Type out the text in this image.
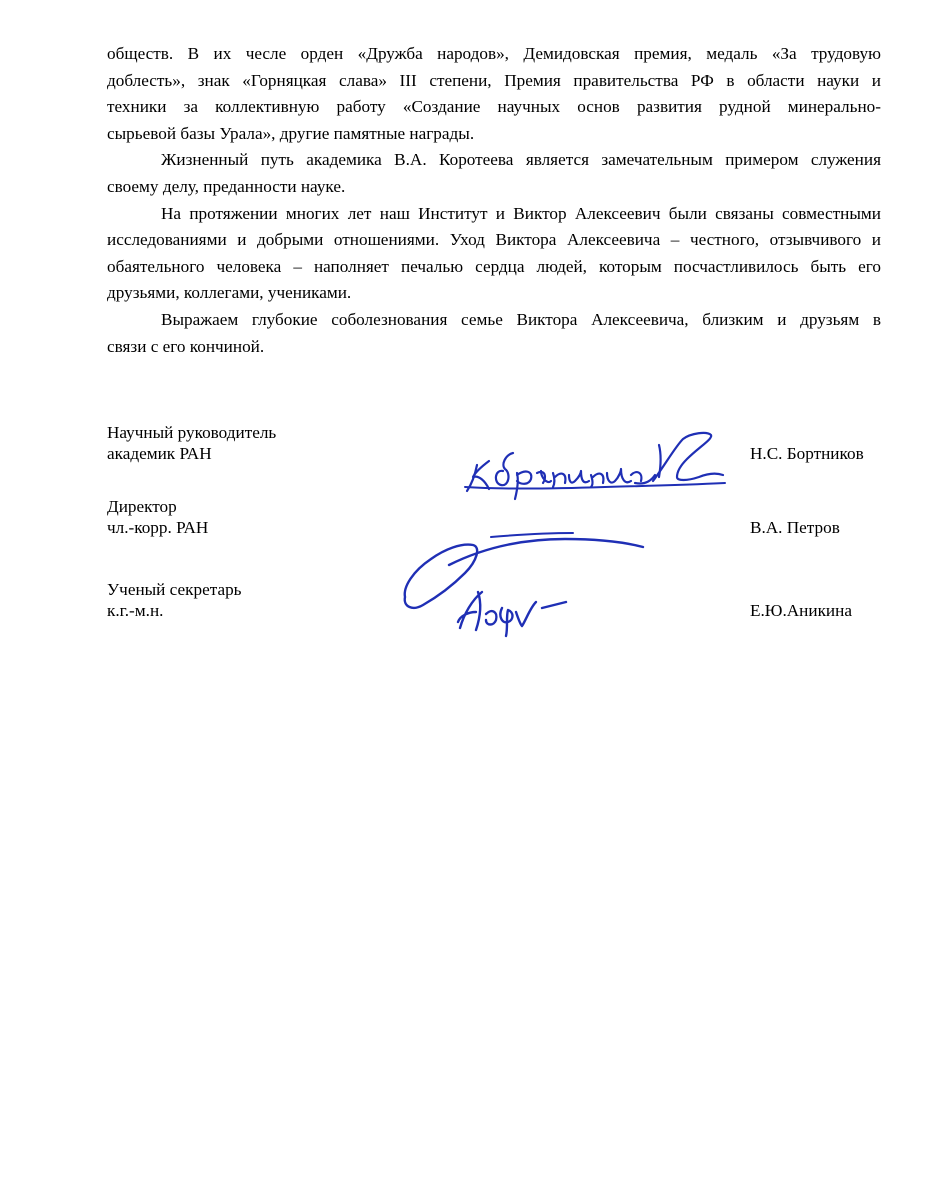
обществ. В их чесле орден «Дружба народов», Демидовская премия, медаль «За трудовую
доблесть», знак «Горняцкая слава» III степени, Премия правительства РФ в области науки и
техники за коллективную работу «Создание научных основ развития рудной минерально-
сырьевой базы Урала», другие памятные награды.

Жизненный путь академика В.А. Коротеева является замечательным примером служения
своему делу, преданности науке.

На протяжении многих лет наш Институт и Виктор Алексеевич были связаны совместными
исследованиями и добрыми отношениями. Уход Виктора Алексеевича – честного, отзывчивого и
обаятельного человека – наполняет печалью сердца людей, которым посчастливилось быть его
друзьями, коллегами, учениками.

Выражаем глубокие соболезнования семье Виктора Алексеевича, близким и друзьям в
связи с его кончиной.

Научный руководитель

академик РАН	Н.С. Бортников

Директор

чл.-корр. РАН	В.А. Петров

Ученый секретарь

к.г.-м.н.	Е.Ю.Аникина
